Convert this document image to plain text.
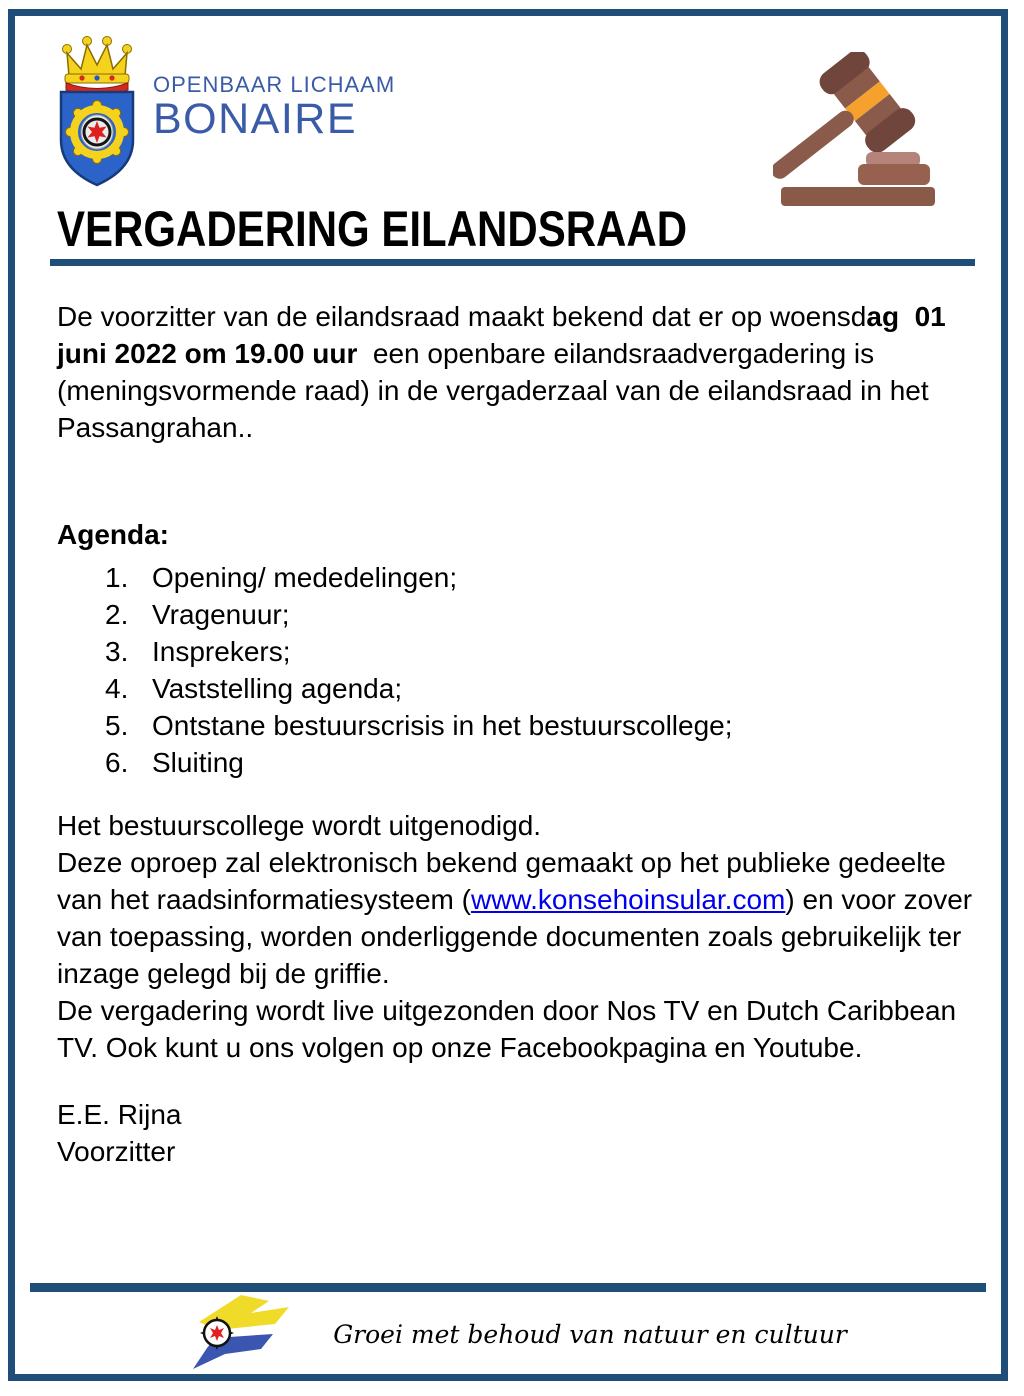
OPENBAAR LICHAAM
BONAIRE
VERGADERING EILANDSRAAD

De voorzitter van de eilandsraad maakt bekend dat er op woensdag  01 juni 2022 om 19.00 uur  een openbare eilandsraadvergadering is (meningsvormende raad) in de vergaderzaal van de eilandsraad in het Passangrahan..

Agenda:

1. Opening/ mededelingen;
2. Vragenuur;
3. Insprekers;
4. Vaststelling agenda;
5. Ontstane bestuurscrisis in het bestuurscollege;
6. Sluiting

Het bestuurscollege wordt uitgenodigd.

Deze oproep zal elektronisch bekend gemaakt op het publieke gedeelte van het raadsinformatiesysteem (www.konsehoinsular.com) en voor zover van toepassing, worden onderliggende documenten zoals gebruikelijk ter inzage gelegd bij de griffie.

De vergadering wordt live uitgezonden door Nos TV en Dutch Caribbean TV. Ook kunt u ons volgen op onze Facebookpagina en Youtube.

E.E. Rijna

Voorzitter

Groei met behoud van natuur en cultuur
